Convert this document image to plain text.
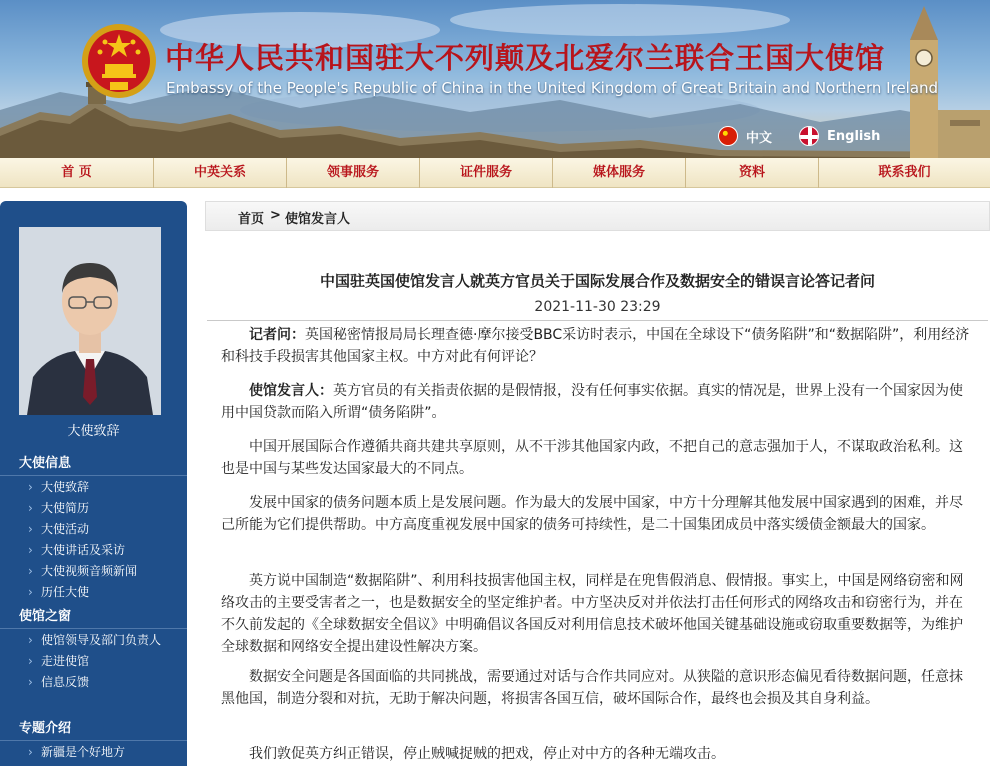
中华人民共和国驻大不列颠及北爱尔兰联合王国大使馆
Embassy of the People's Republic of China in the United Kingdom of Great Britain and Northern Ireland
中文	English
首 页	中英关系	领事服务	证件服务	媒体服务	资料	联系我们
大使致辞
大使信息
› 大使致辞
› 大使简历
› 大使活动
› 大使讲话及采访
› 大使视频音频新闻
› 历任大使
使馆之窗
› 使馆领导及部门负责人
› 走进使馆
› 信息反馈
专题介绍
› 新疆是个好地方
首页 > 使馆发言人
中国驻英国使馆发言人就英方官员关于国际发展合作及数据安全的错误言论答记者问
2021-11-30 23:29
记者问：英国秘密情报局局长理查德·摩尔接受BBC采访时表示，中国在全球设下“债务陷阱”和“数据陷阱”，利用经济和科技手段损害其他国家主权。中方对此有何评论？
使馆发言人：英方官员的有关指责依据的是假情报，没有任何事实依据。真实的情况是，世界上没有一个国家因为使用中国贷款而陷入所谓“债务陷阱”。
中国开展国际合作遵循共商共建共享原则，从不干涉其他国家内政，不把自己的意志强加于人，不谋取政治私利。这也是中国与某些发达国家最大的不同点。
发展中国家的债务问题本质上是发展问题。作为最大的发展中国家，中方十分理解其他发展中国家遇到的困难，并尽己所能为它们提供帮助。中方高度重视发展中国家的债务可持续性，是二十国集团成员中落实缓债金额最大的国家。
英方说中国制造“数据陷阱”、利用科技损害他国主权，同样是在兜售假消息、假情报。事实上，中国是网络窃密和网络攻击的主要受害者之一，也是数据安全的坚定维护者。中方坚决反对并依法打击任何形式的网络攻击和窃密行为，并在不久前发起的《全球数据安全倡议》中明确倡议各国反对利用信息技术破坏他国关键基础设施或窃取重要数据等，为维护全球数据和网络安全提出建设性解决方案。
数据安全问题是各国面临的共同挑战，需要通过对话与合作共同应对。从狭隘的意识形态偏见看待数据问题，任意抹黑他国，制造分裂和对抗，无助于解决问题，将损害各国互信，破坏国际合作，最终也会损及其自身利益。
我们敦促英方纠正错误，停止贼喊捉贼的把戏，停止对中方的各种无端攻击。
